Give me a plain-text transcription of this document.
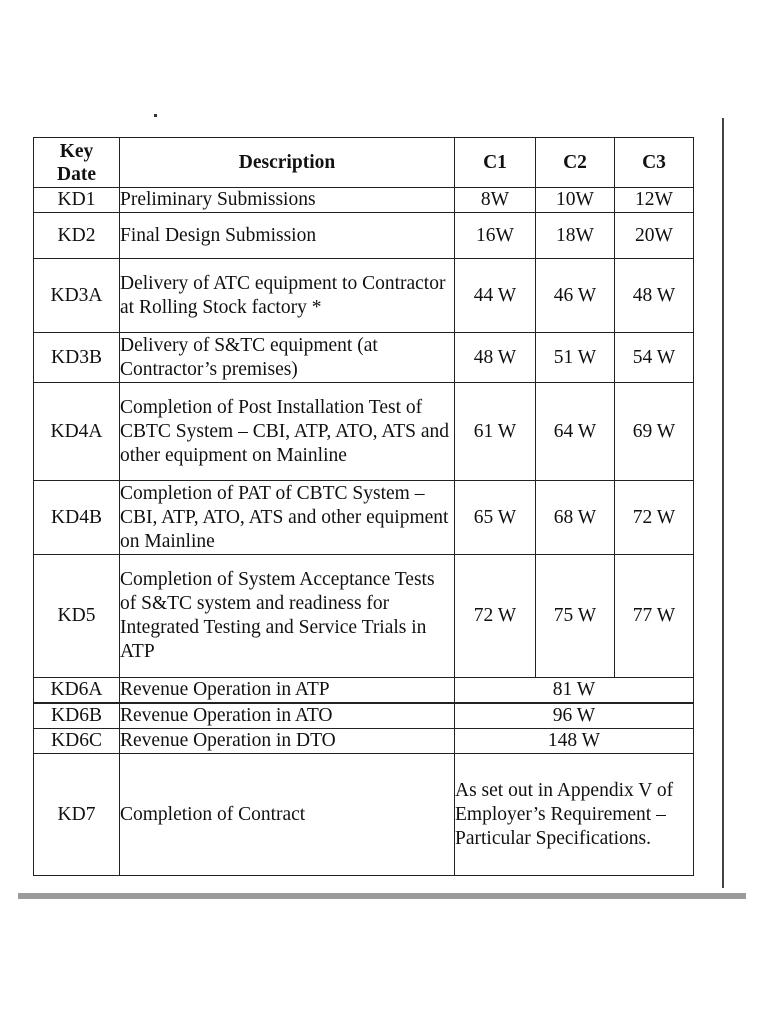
Key Date	Description	C1	C2	C3
KD1	Preliminary Submissions	8W	10W	12W
KD2	Final Design Submission	16W	18W	20W
KD3A	Delivery of ATC equipment to Contractor at Rolling Stock factory *	44 W	46 W	48 W
KD3B	Delivery of S&TC equipment (at Contractor’s premises)	48 W	51 W	54 W
KD4A	Completion of Post Installation Test of CBTC System – CBI, ATP, ATO, ATS and other equipment on Mainline	61 W	64 W	69 W
KD4B	Completion of PAT of CBTC System – CBI, ATP, ATO, ATS and other equipment on Mainline	65 W	68 W	72 W
KD5	Completion of System Acceptance Tests of S&TC system and readiness for Integrated Testing and Service Trials in ATP	72 W	75 W	77 W
KD6A	Revenue Operation in ATP	81 W		
KD6B	Revenue Operation in ATO	96 W		
KD6C	Revenue Operation in DTO	148 W		
KD7	Completion of Contract	As set out in Appendix V of Employer’s Requirement – Particular Specifications.		
